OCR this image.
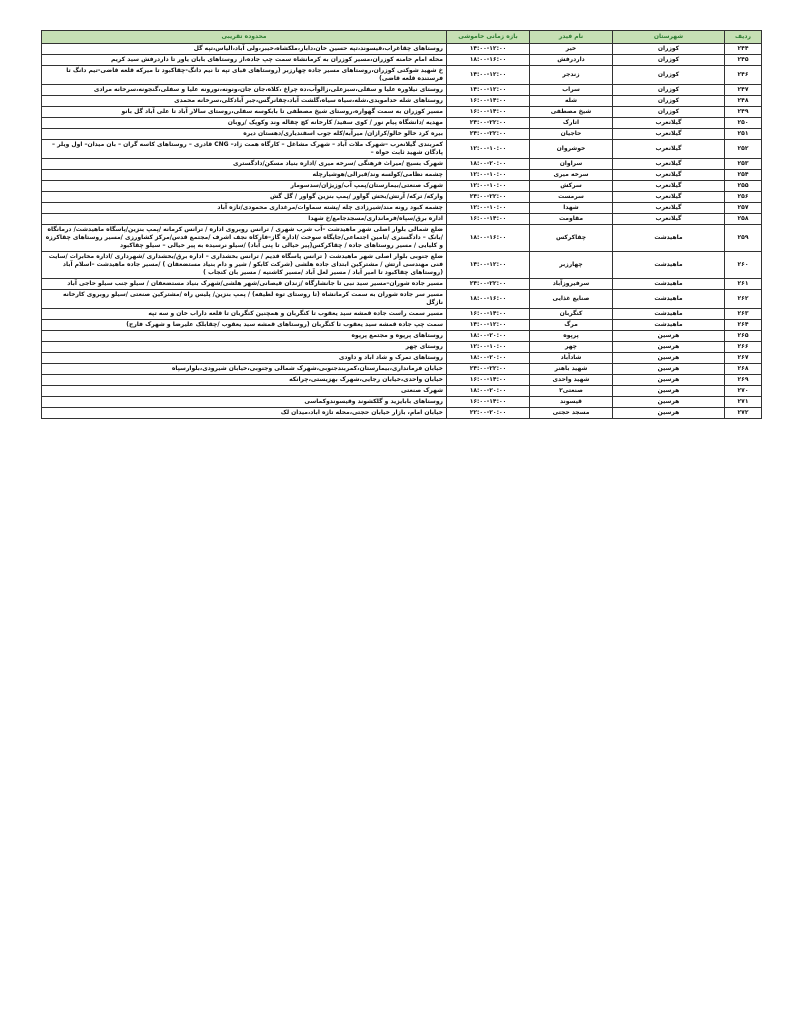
ردیف	شهرستان	نام فیدر	بازه زمانی خاموشی	محدوده تقریبی
۲۴۴	کوزران	خیر	۱۴:۰۰-۱۲:۰۰	روستاهای چقاغراب،قیسوند،تپه حسین خان،دابار،ملکشاه،خیبر،ولی آباد،الیاس،تپه گل
۲۴۵	کوزران	داردرفش	۱۸:۰۰-۱۶:۰۰	محله امام خامنه کوزران،مسیر کوزران به کرمانشاه سمت چپ جاده،از روستاهای بابان یاور تا داردرفش سید کریم
۲۴۶	کوزران	زندجر	۱۴:۰۰-۱۲:۰۰	خ شهید شوکتی کوزران،روستاهای مسیر جاده چهارزبر (روستاهای قبای تپه تا نیم دانگ-چقاکبود تا میرکه قلعه قاضی-تیم دانگ تا فرستنده قلعه قاضی)
۲۴۷	کوزران	سراب	۱۴:۰۰-۱۲:۰۰	روستای نیلاوره علیا و سفلی،سبزعلی،زالوآب،ده چراغ ،کلاه،جان جان،ونونه،نورونه علیا و سفلی،گنجونه،سرخانه مرادی
۲۴۸	کوزران	شله	۱۶:۰۰-۱۴:۰۰	روستاهای شله خدامویدی،شله،سیاه سیاه،گلشت آباد،چقانرگس،جبر آبادکلی،سرخانه محمدی
۲۴۹	کوزران	شیخ مصطفی	۱۶:۰۰-۱۴:۰۰	مسیر کوزران به سمت گهواره،روستای شیخ مصطفی تا بابکوسه سفلی،روستای سالار آباد تا علی آباد گل بانو
۲۵۰	گیلانغرب	اتارک	۲۴:۰۰-۲۲:۰۰	مهدیه /دانشگاه پیام نور / کوی سفید/ کارخانه کچ چقاله وند وکوپک /روبان
۲۵۱	گیلانغرب	حاجیان	۲۴:۰۰-۲۲:۰۰	بیره کرد خالو خالو/کرازان/ میرآبه/کله جوب اسفندیاری/دهستان دیره
۲۵۲	گیلانغرب	خوشروان	۱۲:۰۰-۱۰:۰۰	کمربندی گیلانغرب –شهرک ملات آباد – شهرک مشاغل – کارگاه همت زاد– CNG قادری – روستاهای کاسه گران – بان میدان– اول ویلر – پادگان شهید ثابت خواه –
۲۵۳	گیلانغرب	سراوان	۱۸:۰۰-۲۰:۰۰	شهرک بسیج /میراث فرهنگی /سرخه میری /اداره بنیاد مسکن/دادگستری
۲۵۴	گیلانغرب	سرخه میری	۱۲:۰۰-۱۰:۰۰	چشمه نظامی/کولسه وند/قبرالی/هوشیارچله
۲۵۵	گیلانغرب	سرکش	۱۲:۰۰-۱۰:۰۰	شهرک صنعتی/بیمارستان/پمپ آب/وزیژان/سدسومار
۲۵۶	گیلانغرب	سرمست	۲۴:۰۰-۲۲:۰۰	وارکه/ ترکه/ آرتش/بخش گواور /پمپ بنزین گواور / گل گش
۲۵۷	گیلانغرب	شهدا	۱۲:۰۰-۱۰:۰۰	چشمه کبود رونه مند/شیرزادی چله /پشته سماوات/مرغداری محمودی/تازه آباد
۲۵۸	گیلانغرب	مقاومت	۱۶:۰۰-۱۴:۰۰	اداره برق/سپاه/فرمانداری/مسجدجامع/خ شهدا
۲۵۹	ماهیدشت	چقاکرکس	۱۸:۰۰-۱۶:۰۰	ضلع شمالی بلوار اصلی شهر ماهیدشت –آب شرب شهری / ترانس روبروی اداره / ترانس کرمانه /پمپ بنزین/پاسگاه ماهیدشت/ درمانگاه /بانک – دادگستری /تامین اجتماعی/جایگاه سوخت /اداره گاز–فارکاه نجف اشرف /مجتمع قدس/مرکز کشاورزی /مسیر روستاهای چقاکرزه و کلیایی / مسیر روستاهای جاده / چقاکرکس(پیر خیالی تا پنی آباد) /سیلو نرسیده به پیر خیالی – سیلو چقاکبود
۲۶۰	ماهیدشت	چهارزبر	۱۴:۰۰-۱۲:۰۰	ضلع جنوبی بلوار اصلی شهر ماهیدشت ( ترانس پاسگاه قدیم / ترانس بخشداری – اداره برق/بخشداری /شهرداری /اداره مخابرات /سایت فنی مهندسی ارتش / مشترکین ابتدای جاده هلشی (شرکت کابکو / شیر و دام بنیاد مستضعفان ) /مسیر جاده ماهیدشت –اسلام آباد (روستاهای چقاکبود تا امیر آباد / مسیر لعل آباد /مسیر کاشنیه / مسیر بان کنجاب )
۲۶۱	ماهیدشت	سرفیروزآباد	۲۴:۰۰-۲۲:۰۰	مسیر جاده شوران–مسیر سید نبی تا جانشارگاه /زندان قیصانی/شهر هلشی/شهرک بنیاد مستضعفان / سیلو جنب سیلو حاجی آباد
۲۶۲	ماهیدشت	صنایع غذایی	۱۸:۰۰-۱۶:۰۰	مسیر سر جاده شوران به سمت کرمانشاه (تا روستای توه لطیفه) / پمپ بنزین/ پلیس راه /مشترکین صنعتی /سیلو روبروی کارخانه نازگل
۲۶۳	ماهیدشت	کنگربان	۱۶:۰۰-۱۴:۰۰	مسیر سمت راست جاده قمشه سید یعقوب تا کنگربان و همچنین کنگربان تا قلعه داراب خان و سه تپه
۲۶۴	ماهیدشت	مرگ	۱۴:۰۰-۱۲:۰۰	سمت چپ جاده قمشه سید یعقوب تا کنگربان (روستاهای قمشه سید یعقوب /چقابلک علیرضا و شهرک فارج)
۲۶۵	هرسین	پرپوه	۱۸:۰۰-۲۰:۰۰	روستاهای پرپوه و مجتمع پرپوه
۲۶۶	هرسین	چهر	۱۲:۰۰-۱۰:۰۰	روستای چهر
۲۶۷	هرسین	شادآباد	۱۸:۰۰-۲۰:۰۰	روستاهای تمرک و شاد اباد و داودی
۲۶۸	هرسین	شهید باهنر	۲۴:۰۰-۲۲:۰۰	خیابان فرمانداری،بیمارستان،کمربندجنوبی،شهرک شمالی وجنوبی،خیابان شیرودی،بلوارسپاه
۲۶۹	هرسین	شهید واحدی	۱۶:۰۰-۱۴:۰۰	خیابان واحدی،خیابان رجایی،شهرک بهزیستی،چرانکه
۲۷۰	هرسین	صنعتی۲	۱۸:۰۰-۲۰:۰۰	شهرک صنعتی
۲۷۱	هرسین	قیسوند	۱۶:۰۰-۱۴:۰۰	روستاهای بابایزید و گلکشوند وقیسوندوکماسی
۲۷۲	هرسین	مسجد حجتی	۲۲:۰۰-۲۰:۰۰	خیابان امام، بازار خیابان حجتی،محله تازه اباد،میدان لک
